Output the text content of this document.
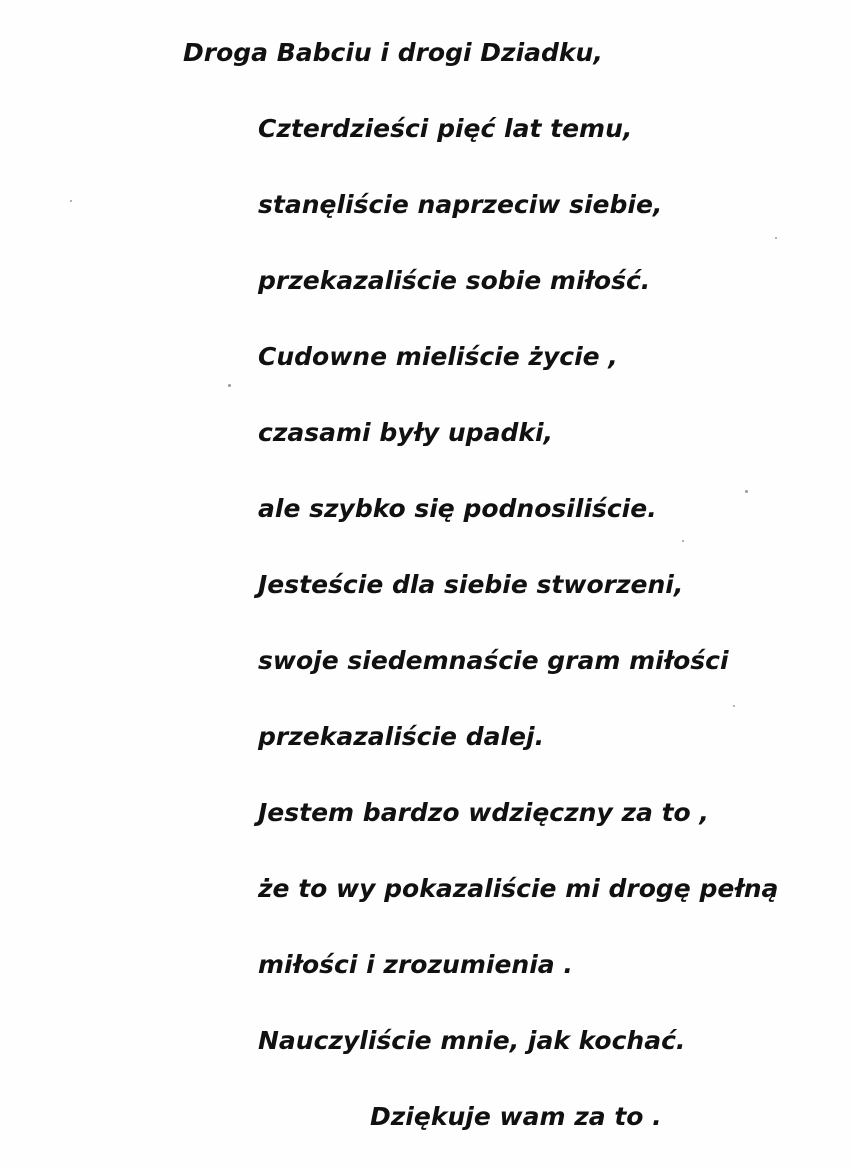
Droga Babciu i drogi Dziadku,
Czterdzieści pięć lat temu,
stanęliście naprzeciw siebie,
przekazaliście sobie miłość.
Cudowne mieliście życie ,
czasami były upadki,
ale szybko się podnosiliście.
Jesteście dla siebie stworzeni,
swoje siedemnaście gram miłości
przekazaliście dalej.
Jestem bardzo wdzięczny za to ,
że to wy pokazaliście mi drogę pełną
miłości i zrozumienia .
Nauczyliście mnie, jak kochać.
Dziękuje wam za to .
